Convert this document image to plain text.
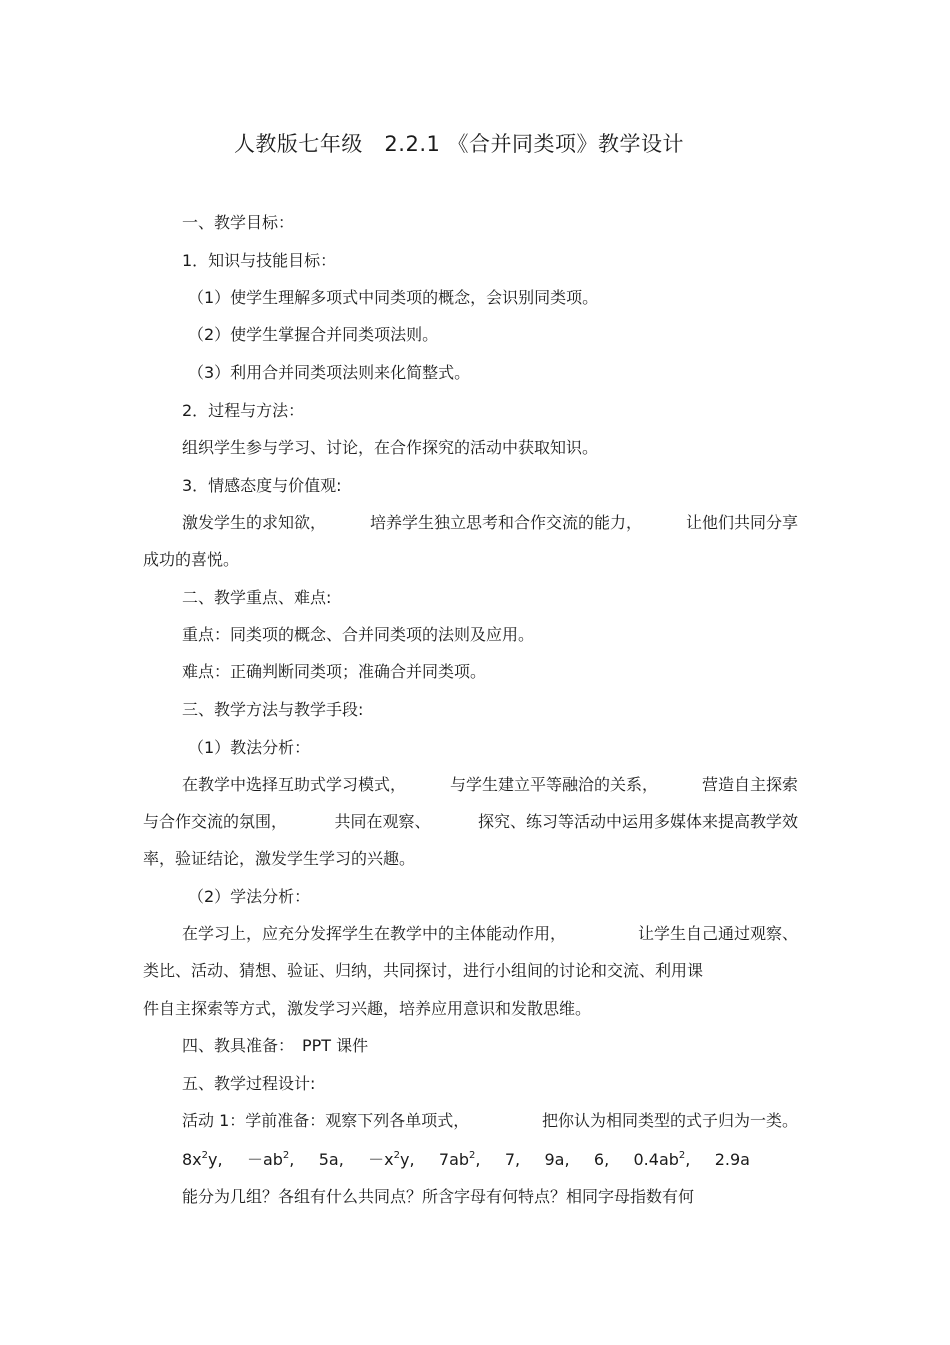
人教版七年级　2.2.1 《合并同类项》教学设计
一、教学目标：
1．知识与技能目标：
（1）使学生理解多项式中同类项的概念，会识别同类项。
（2）使学生掌握合并同类项法则。
（3）利用合并同类项法则来化简整式。
2．过程与方法：
组织学生参与学习、讨论，在合作探究的活动中获取知识。
3．情感态度与价值观:
激发学生的求知欲，	培养学生独立思考和合作交流的能力，	让他们共同分享
成功的喜悦。
二、教学重点、难点:
重点：同类项的概念、合并同类项的法则及应用。
难点：正确判断同类项；准确合并同类项。
三、教学方法与教学手段:
（1）教法分析：
在教学中选择互助式学习模式，	与学生建立平等融洽的关系，	营造自主探索
与合作交流的氛围，	共同在观察、	探究、练习等活动中运用多媒体来提高教学效
率，验证结论，激发学生学习的兴趣。
（2）学法分析：
在学习上，应充分发挥学生在教学中的主体能动作用，	让学生自己通过观察、
类比、活动、猜想、验证、归纳，共同探讨，进行小组间的讨论和交流、利用课
件自主探索等方式，激发学习兴趣，培养应用意识和发散思维。
四、教具准备：　PPT 课件
五、教学过程设计:
活动 1：学前准备：观察下列各单项式，	把你认为相同类型的式子归为一类。
$8x^2y$, $-ab^2$, 5a, $-x^2y$, $7ab^2$, 7, 9a, 6, $0.4ab^2$, 2.9a
能分为几组？各组有什么共同点？所含字母有何特点？相同字母指数有何
